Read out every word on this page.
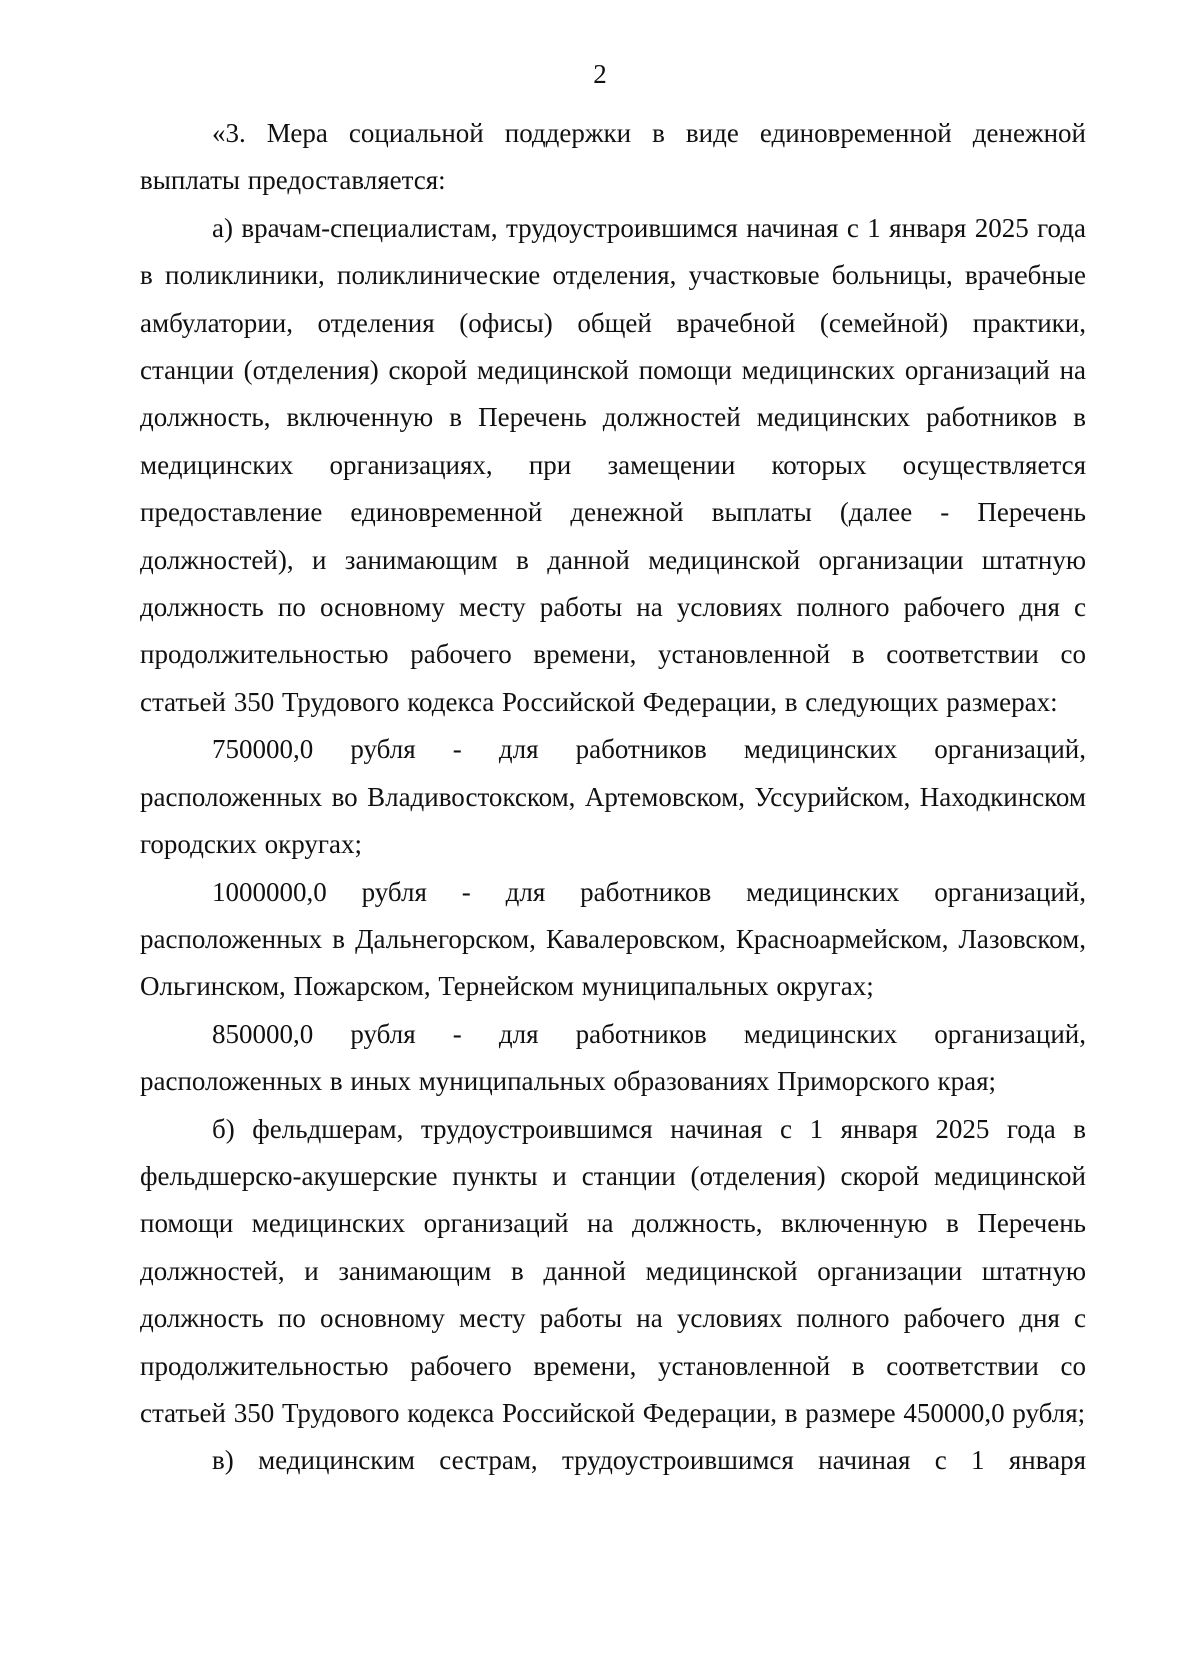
2

«3. Мера социальной поддержки в виде единовременной денежной выплаты предоставляется:

а) врачам-специалистам, трудоустроившимся начиная с 1 января 2025 года в поликлиники, поликлинические отделения, участковые больницы, врачебные амбулатории, отделения (офисы) общей врачебной (семейной) практики, станции (отделения) скорой медицинской помощи медицинских организаций на должность, включенную в Перечень должностей медицинских работников в медицинских организациях, при замещении которых осуществляется предоставление единовременной денежной выплаты (далее - Перечень должностей), и занимающим в данной медицинской организации штатную должность по основному месту работы на условиях полного рабочего дня с продолжительностью рабочего времени, установленной в соответствии со статьей 350 Трудового кодекса Российской Федерации, в следующих размерах:

750000,0 рубля - для работников медицинских организаций, расположенных во Владивостокском, Артемовском, Уссурийском, Находкинском городских округах;

1000000,0 рубля - для работников медицинских организаций, расположенных в Дальнегорском, Кавалеровском, Красноармейском, Лазовском, Ольгинском, Пожарском, Тернейском муниципальных округах;

850000,0 рубля - для работников медицинских организаций, расположенных в иных муниципальных образованиях Приморского края;

б) фельдшерам, трудоустроившимся начиная с 1 января 2025 года в фельдшерско-акушерские пункты и станции (отделения) скорой медицинской помощи медицинских организаций на должность, включенную в Перечень должностей, и занимающим в данной медицинской организации штатную должность по основному месту работы на условиях полного рабочего дня с продолжительностью рабочего времени, установленной в соответствии со статьей 350 Трудового кодекса Российской Федерации, в размере 450000,0 рубля;

в) медицинским сестрам, трудоустроившимся начиная с 1 января
